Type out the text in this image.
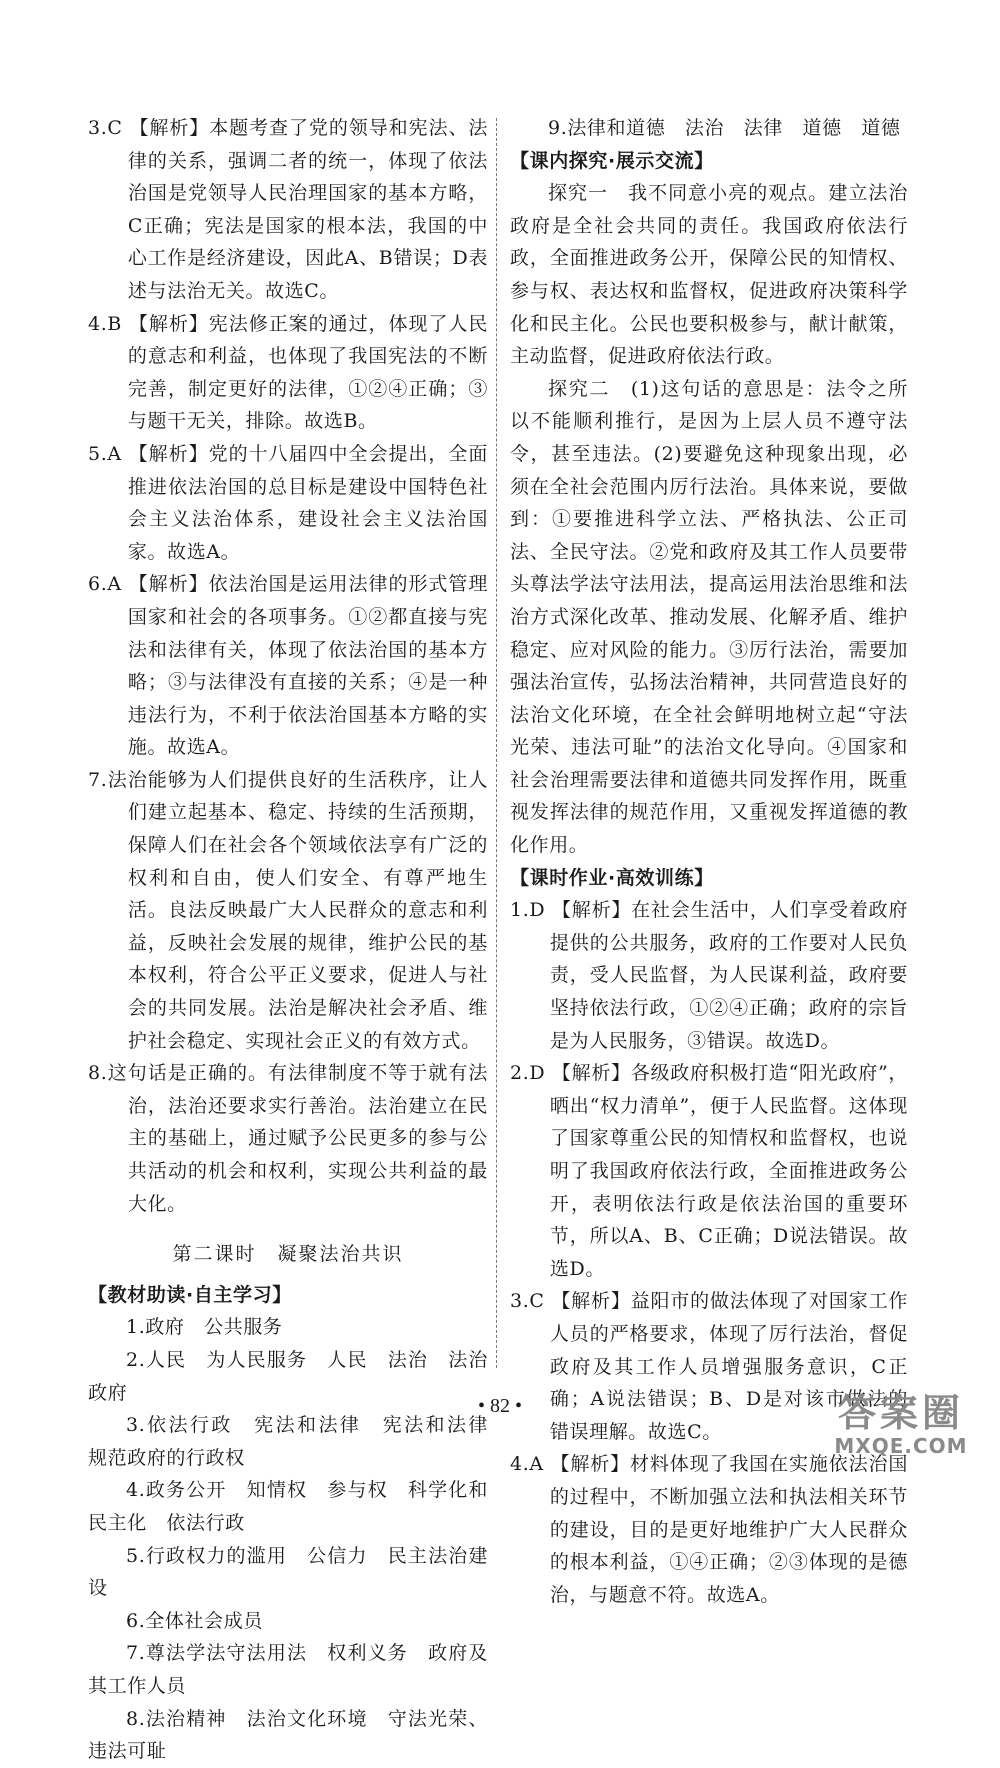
3.C 【解析】本题考查了党的领导和宪法、法律的关系，强调二者的统一，体现了依法治国是党领导人民治理国家的基本方略，C正确；宪法是国家的根本法，我国的中心工作是经济建设，因此A、B错误；D表述与法治无关。故选C。

4.B 【解析】宪法修正案的通过，体现了人民的意志和利益，也体现了我国宪法的不断完善，制定更好的法律，①②④正确；③与题干无关，排除。故选B。

5.A 【解析】党的十八届四中全会提出，全面推进依法治国的总目标是建设中国特色社会主义法治体系，建设社会主义法治国家。故选A。

6.A 【解析】依法治国是运用法律的形式管理国家和社会的各项事务。①②都直接与宪法和法律有关，体现了依法治国的基本方略；③与法律没有直接的关系；④是一种违法行为，不利于依法治国基本方略的实施。故选A。

7.法治能够为人们提供良好的生活秩序，让人们建立起基本、稳定、持续的生活预期，保障人们在社会各个领域依法享有广泛的权利和自由，使人们安全、有尊严地生活。良法反映最广大人民群众的意志和利益，反映社会发展的规律，维护公民的基本权利，符合公平正义要求，促进人与社会的共同发展。法治是解决社会矛盾、维护社会稳定、实现社会正义的有效方式。

8.这句话是正确的。有法律制度不等于就有法治，法治还要求实行善治。法治建立在民主的基础上，通过赋予公民更多的参与公共活动的机会和权利，实现公共利益的最大化。

第二课时　凝聚法治共识

【教材助读·自主学习】

1.政府　公共服务

2.人民　为人民服务　人民　法治　法治政府

3.依法行政　宪法和法律　宪法和法律　规范政府的行政权

4.政务公开　知情权　参与权　科学化和民主化　依法行政

5.行政权力的滥用　公信力　民主法治建设

6.全体社会成员

7.尊法学法守法用法　权利义务　政府及其工作人员

8.法治精神　法治文化环境　守法光荣、违法可耻

9.法律和道德　法治　法律　道德　道德

【课内探究·展示交流】

探究一　我不同意小亮的观点。建立法治政府是全社会共同的责任。我国政府依法行政，全面推进政务公开，保障公民的知情权、参与权、表达权和监督权，促进政府决策科学化和民主化。公民也要积极参与，献计献策，主动监督，促进政府依法行政。

探究二　(1)这句话的意思是：法令之所以不能顺利推行，是因为上层人员不遵守法令，甚至违法。(2)要避免这种现象出现，必须在全社会范围内厉行法治。具体来说，要做到：①要推进科学立法、严格执法、公正司法、全民守法。②党和政府及其工作人员要带头尊法学法守法用法，提高运用法治思维和法治方式深化改革、推动发展、化解矛盾、维护稳定、应对风险的能力。③厉行法治，需要加强法治宣传，弘扬法治精神，共同营造良好的法治文化环境，在全社会鲜明地树立起“守法光荣、违法可耻”的法治文化导向。④国家和社会治理需要法律和道德共同发挥作用，既重视发挥法律的规范作用，又重视发挥道德的教化作用。

【课时作业·高效训练】

1.D 【解析】在社会生活中，人们享受着政府提供的公共服务，政府的工作要对人民负责，受人民监督，为人民谋利益，政府要坚持依法行政，①②④正确；政府的宗旨是为人民服务，③错误。故选D。

2.D 【解析】各级政府积极打造“阳光政府”，晒出“权力清单”，便于人民监督。这体现了国家尊重公民的知情权和监督权，也说明了我国政府依法行政，全面推进政务公开，表明依法行政是依法治国的重要环节，所以A、B、C正确；D说法错误。故选D。

3.C 【解析】益阳市的做法体现了对国家工作人员的严格要求，体现了厉行法治，督促政府及其工作人员增强服务意识，C正确；A说法错误；B、D是对该市做法的错误理解。故选C。

4.A 【解析】材料体现了我国在实施依法治国的过程中，不断加强立法和执法相关环节的建设，目的是更好地维护广大人民群众的根本利益，①④正确；②③体现的是德治，与题意不符。故选A。

• 82 •	答案圈
MXQE.COM
